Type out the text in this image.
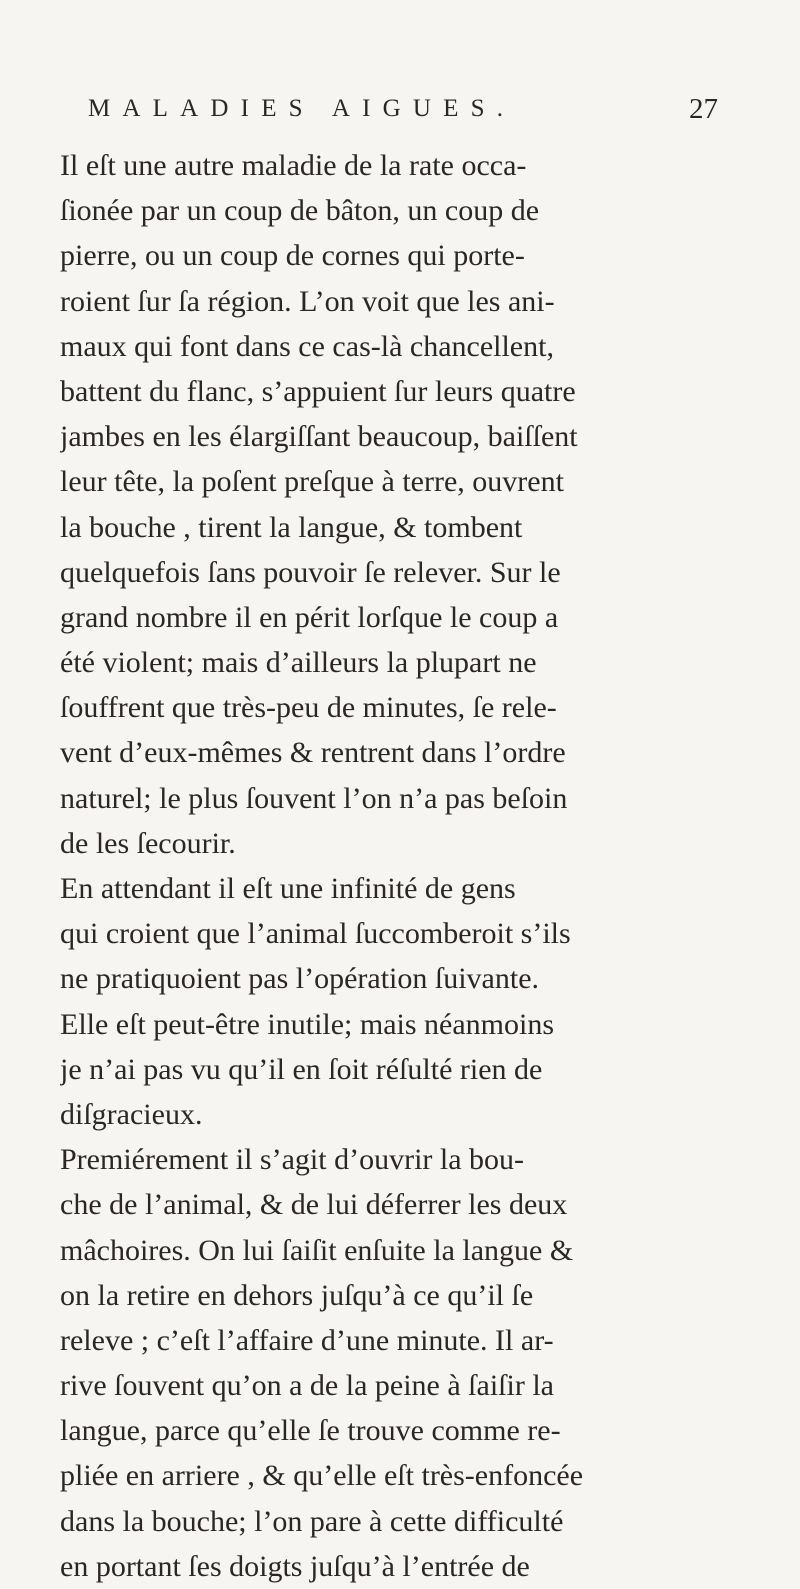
MALADIES AIGUES.	27
Il eſt une autre maladie de la rate occa-
ſionée par un coup de bâton, un coup de
pierre, ou un coup de cornes qui porte-
roient ſur ſa région. L’on voit que les ani-
maux qui font dans ce cas-là chancellent,
battent du flanc, s’appuient ſur leurs quatre
jambes en les élargiſſant beaucoup, baiſſent
leur tête, la poſent preſque à terre, ouvrent
la bouche , tirent la langue, & tombent
quelquefois ſans pouvoir ſe relever. Sur le
grand nombre il en périt lorſque le coup a
été violent; mais d’ailleurs la plupart ne
ſouffrent que très-peu de minutes, ſe rele-
vent d’eux-mêmes & rentrent dans l’ordre
naturel; le plus ſouvent l’on n’a pas beſoin
de les ſecourir.
En attendant il eſt une infinité de gens
qui croient que l’animal ſuccomberoit s’ils
ne pratiquoient pas l’opération ſuivante.
Elle eſt peut-être inutile; mais néanmoins
je n’ai pas vu qu’il en ſoit réſulté rien de
diſgracieux.
Premiérement il s’agit d’ouvrir la bou-
che de l’animal, & de lui déferrer les deux
mâchoires. On lui ſaiſit enſuite la langue &
on la retire en dehors juſqu’à ce qu’il ſe
releve ; c’eſt l’affaire d’une minute. Il ar-
rive ſouvent qu’on a de la peine à ſaiſir la
langue, parce qu’elle ſe trouve comme re-
pliée en arriere , & qu’elle eſt très-enfoncée
dans la bouche; l’on pare à cette difficulté
en portant ſes doigts juſqu’à l’entrée de
